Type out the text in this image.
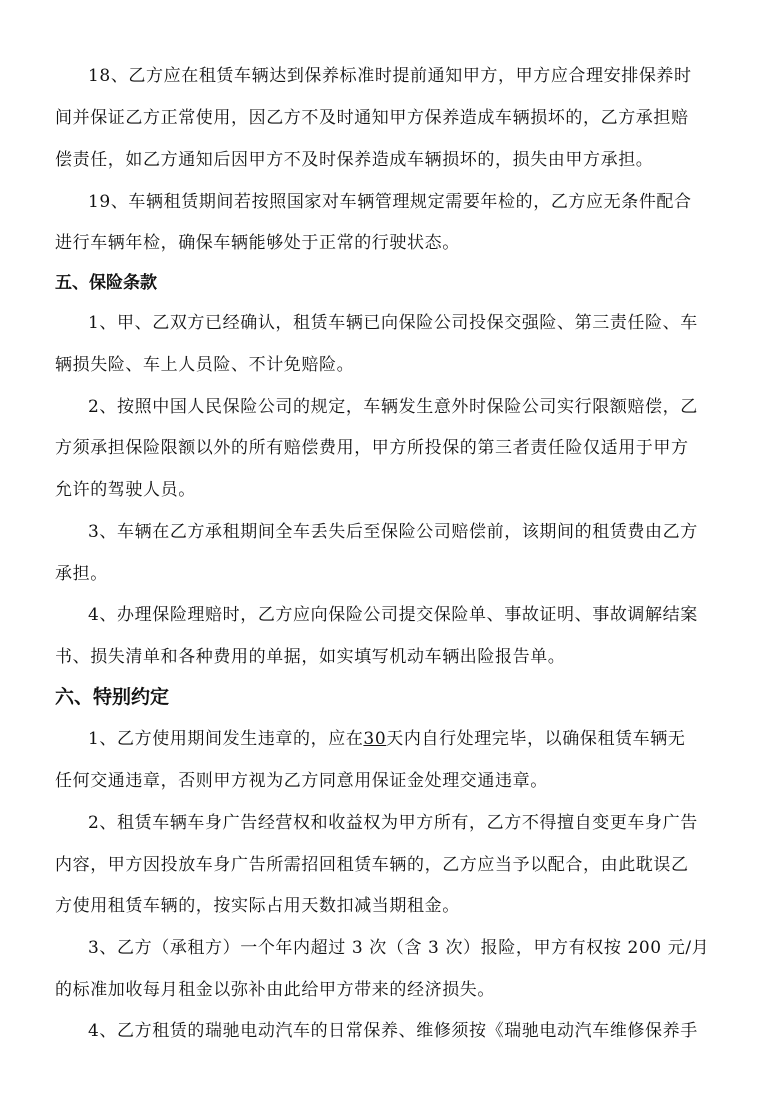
18、乙方应在租赁车辆达到保养标准时提前通知甲方，甲方应合理安排保养时
间并保证乙方正常使用，因乙方不及时通知甲方保养造成车辆损坏的，乙方承担赔
偿责任，如乙方通知后因甲方不及时保养造成车辆损坏的，损失由甲方承担。
19、车辆租赁期间若按照国家对车辆管理规定需要年检的，乙方应无条件配合
进行车辆年检，确保车辆能够处于正常的行驶状态。
五、保险条款
1、甲、乙双方已经确认，租赁车辆已向保险公司投保交强险、第三责任险、车
辆损失险、车上人员险、不计免赔险。
2、按照中国人民保险公司的规定，车辆发生意外时保险公司实行限额赔偿，乙
方须承担保险限额以外的所有赔偿费用，甲方所投保的第三者责任险仅适用于甲方
允许的驾驶人员。
3、车辆在乙方承租期间全车丢失后至保险公司赔偿前，该期间的租赁费由乙方
承担。
4、办理保险理赔时，乙方应向保险公司提交保险单、事故证明、事故调解结案
书、损失清单和各种费用的单据，如实填写机动车辆出险报告单。
六、特别约定
1、乙方使用期间发生违章的，应在30天内自行处理完毕，以确保租赁车辆无
任何交通违章，否则甲方视为乙方同意用保证金处理交通违章。
2、租赁车辆车身广告经营权和收益权为甲方所有，乙方不得擅自变更车身广告
内容，甲方因投放车身广告所需招回租赁车辆的，乙方应当予以配合，由此耽误乙
方使用租赁车辆的，按实际占用天数扣减当期租金。
3、乙方（承租方）一个年内超过 3 次（含 3 次）报险，甲方有权按 200 元/月
的标准加收每月租金以弥补由此给甲方带来的经济损失。
4、乙方租赁的瑞驰电动汽车的日常保养、维修须按《瑞驰电动汽车维修保养手
